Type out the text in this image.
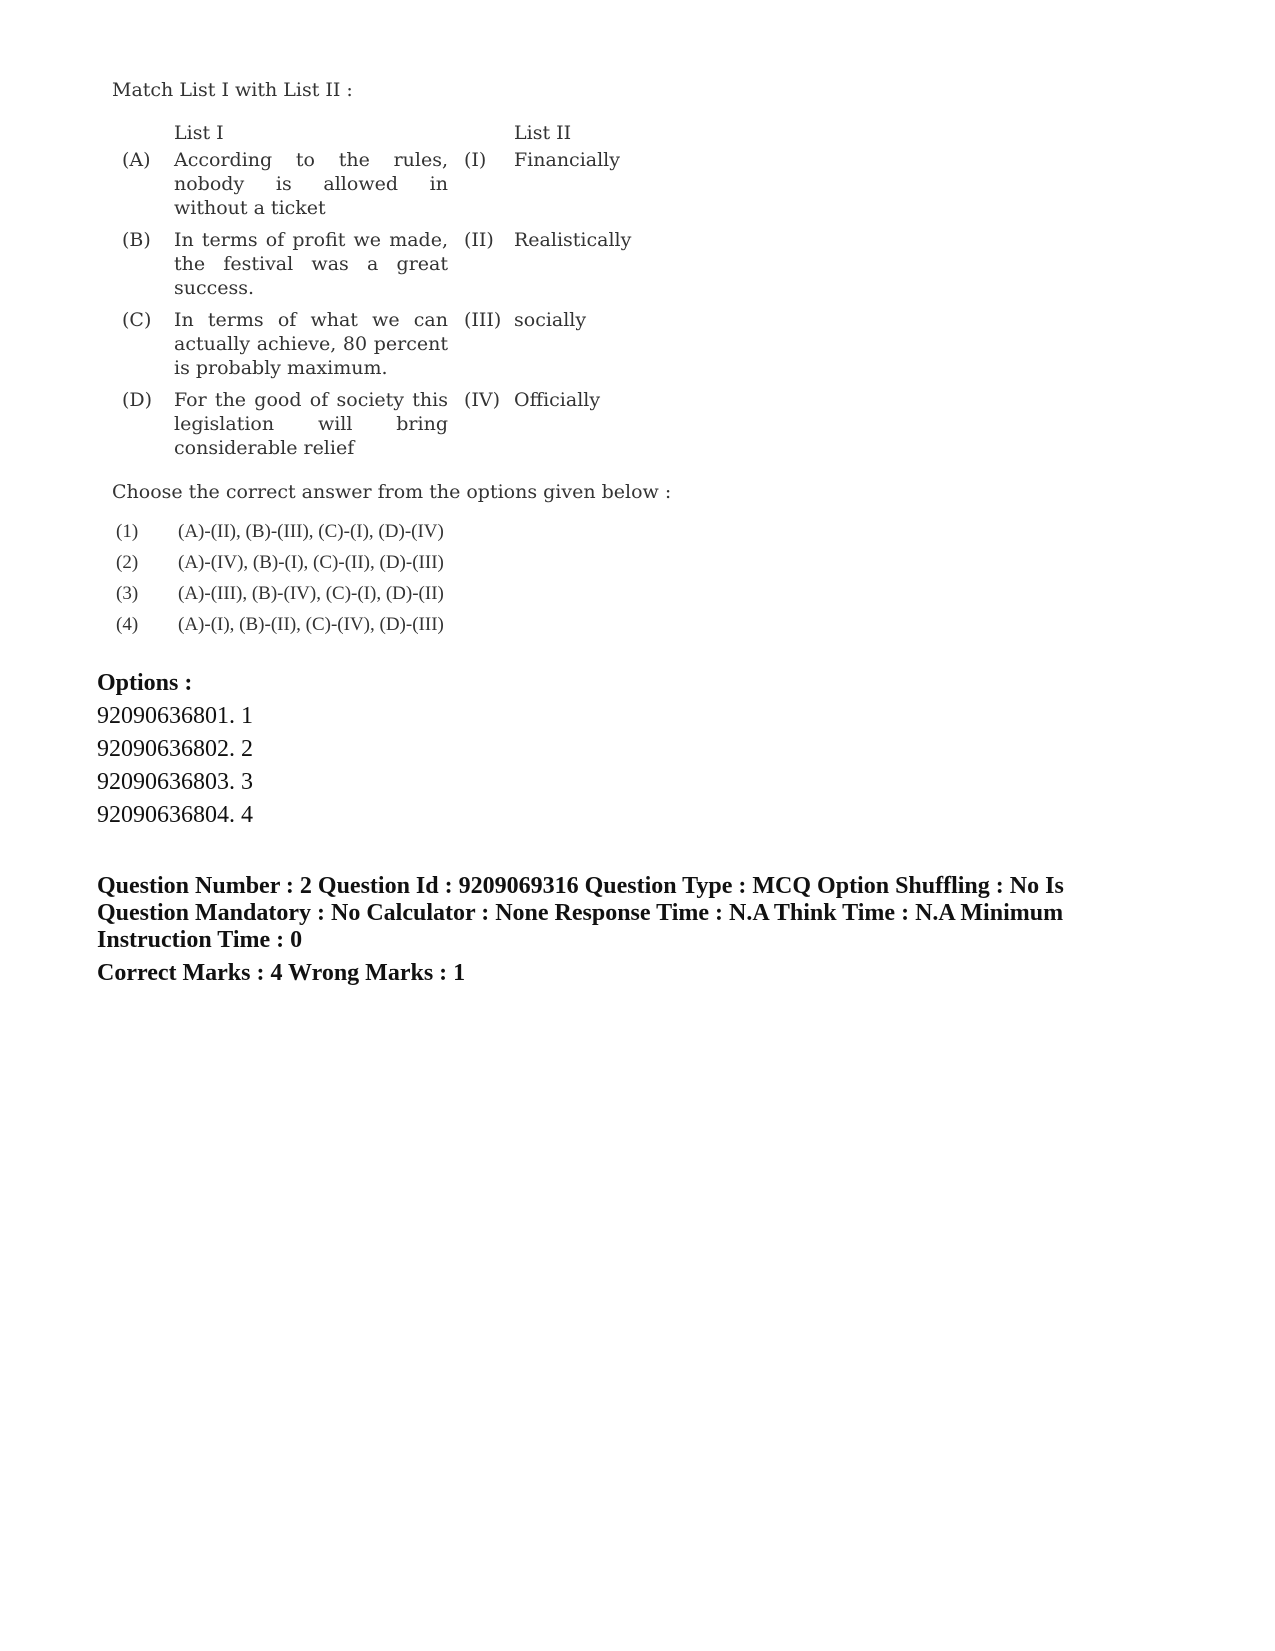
Match List I with List II :

List I	List II
(A) According to the rules, nobody is allowed in without a ticket
(I) Financially
(B) In terms of profit we made, the festival was a great success.
(II) Realistically
(C) In terms of what we can actually achieve, 80 percent is probably maximum.
(III) socially
(D) For the good of society this legislation will bring considerable relief
(IV) Officially

Choose the correct answer from the options given below :

(1) (A)-(II), (B)-(III), (C)-(I), (D)-(IV)
(2) (A)-(IV), (B)-(I), (C)-(II), (D)-(III)
(3) (A)-(III), (B)-(IV), (C)-(I), (D)-(II)
(4) (A)-(I), (B)-(II), (C)-(IV), (D)-(III)
Options :
92090636801. 1
92090636802. 2
92090636803. 3
92090636804. 4

Question Number : 2 Question Id : 9209069316 Question Type : MCQ Option Shuffling : No Is

Question Mandatory : No Calculator : None Response Time : N.A Think Time : N.A Minimum

Instruction Time : 0

Correct Marks : 4 Wrong Marks : 1
